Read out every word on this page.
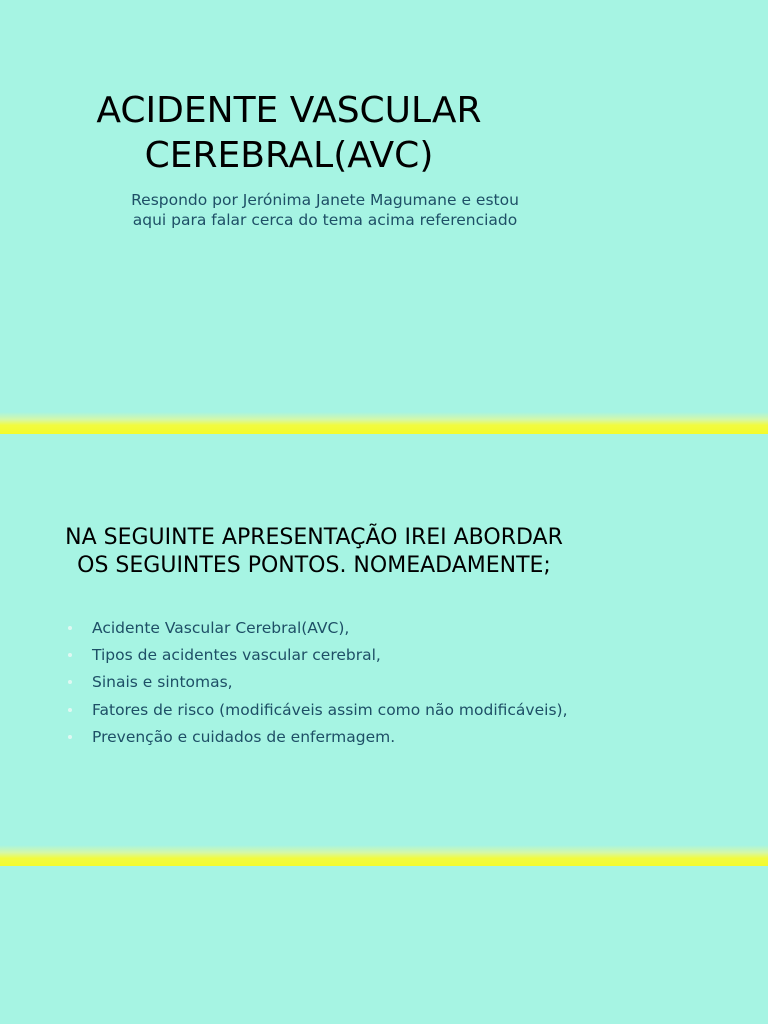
ACIDENTE VASCULAR
CEREBRAL(AVC)

Respondo por Jerónima Janete Magumane e estou
aqui para falar cerca do tema acima referenciado

NA SEGUINTE APRESENTAÇÃO IREI ABORDAR
OS SEGUINTES PONTOS. NOMEADAMENTE;
Acidente Vascular Cerebral(AVC),
Tipos de acidentes vascular cerebral,
Sinais e sintomas,
Fatores de risco (modificáveis assim como não modificáveis),
Prevenção e cuidados de enfermagem.
